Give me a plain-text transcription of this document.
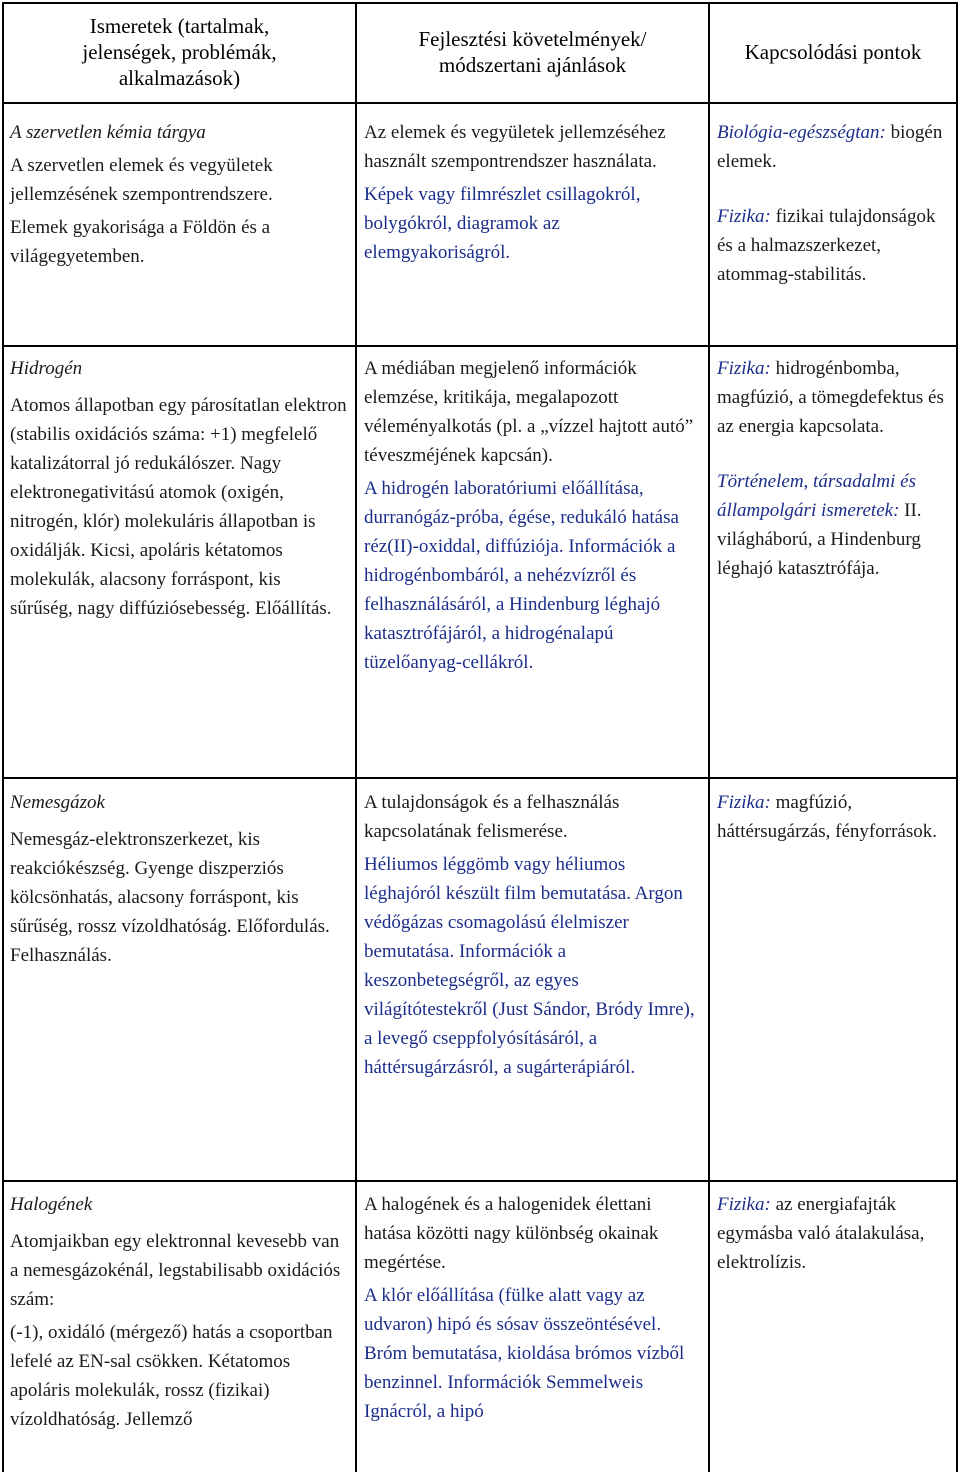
Ismeretek (tartalmak,
jelenségek, problémák,
alkalmazások)
Fejlesztési követelmények/
módszertani ajánlások
Kapcsolódási pontok

A szervetlen kémia tárgya

A szervetlen elemek és vegyületek jellemzésének szempontrendszere.

Elemek gyakorisága a Földön és a világegyetemben.

Az elemek és vegyületek jellemzéséhez használt szempontrendszer használata.

Képek vagy filmrészlet csillagokról, bolygókról, diagramok az elemgyakoriságról.

Biológia-egészségtan: biogén elemek.

Fizika: fizikai tulajdonságok és a halmazszerkezet, atommag-stabilitás.

Hidrogén

Atomos állapotban egy párosítatlan elektron (stabilis oxidációs száma: +1) megfelelő katalizátorral jó redukálószer. Nagy elektronegativitású atomok (oxigén, nitrogén, klór) molekuláris állapotban is oxidálják. Kicsi, apoláris kétatomos molekulák, alacsony forráspont, kis sűrűség, nagy diffúziósebesség. Előállítás.

A médiában megjelenő információk elemzése, kritikája, megalapozott véleményalkotás (pl. a „vízzel hajtott autó” téveszméjének kapcsán).

A hidrogén laboratóriumi előállítása, durranógáz-próba, égése, redukáló hatása réz(II)-oxiddal, diffúziója. Információk a hidrogénbombáról, a nehézvízről és felhasználásáról, a Hindenburg léghajó katasztrófájáról, a hidrogénalapú tüzelőanyag-cellákról.

Fizika: hidrogénbomba, magfúzió, a tömegdefektus és az energia kapcsolata.

Történelem, társadalmi és állampolgári ismeretek: II. világháború, a Hindenburg léghajó katasztrófája.

Nemesgázok

Nemesgáz-elektronszerkezet, kis reakciókészség. Gyenge diszperziós kölcsönhatás, alacsony forráspont, kis sűrűség, rossz vízoldhatóság. Előfordulás. Felhasználás.

A tulajdonságok és a felhasználás kapcsolatának felismerése.

Héliumos léggömb vagy héliumos léghajóról készült film bemutatása. Argon védőgázas csomagolású élelmiszer bemutatása. Információk a keszonbetegségről, az egyes világítótestekről (Just Sándor, Bródy Imre), a levegő cseppfolyósításáról, a háttérsugárzásról, a sugárterápiáról.

Fizika: magfúzió, háttérsugárzás, fényforrások.

Halogének

Atomjaikban egy elektronnal kevesebb van a nemesgázokénál, legstabilisabb oxidációs szám:

(-1), oxidáló (mérgező) hatás a csoportban lefelé az EN-sal csökken. Kétatomos apoláris molekulák, rossz (fizikai) vízoldhatóság. Jellemző

A halogének és a halogenidek élettani hatása közötti nagy különbség okainak megértése.

A klór előállítása (fülke alatt vagy az udvaron) hipó és sósav összeöntésével. Bróm bemutatása, kioldása brómos vízből benzinnel. Információk Semmelweis Ignácról, a hipó

Fizika: az energiafajták egymásba való átalakulása, elektrolízis.
